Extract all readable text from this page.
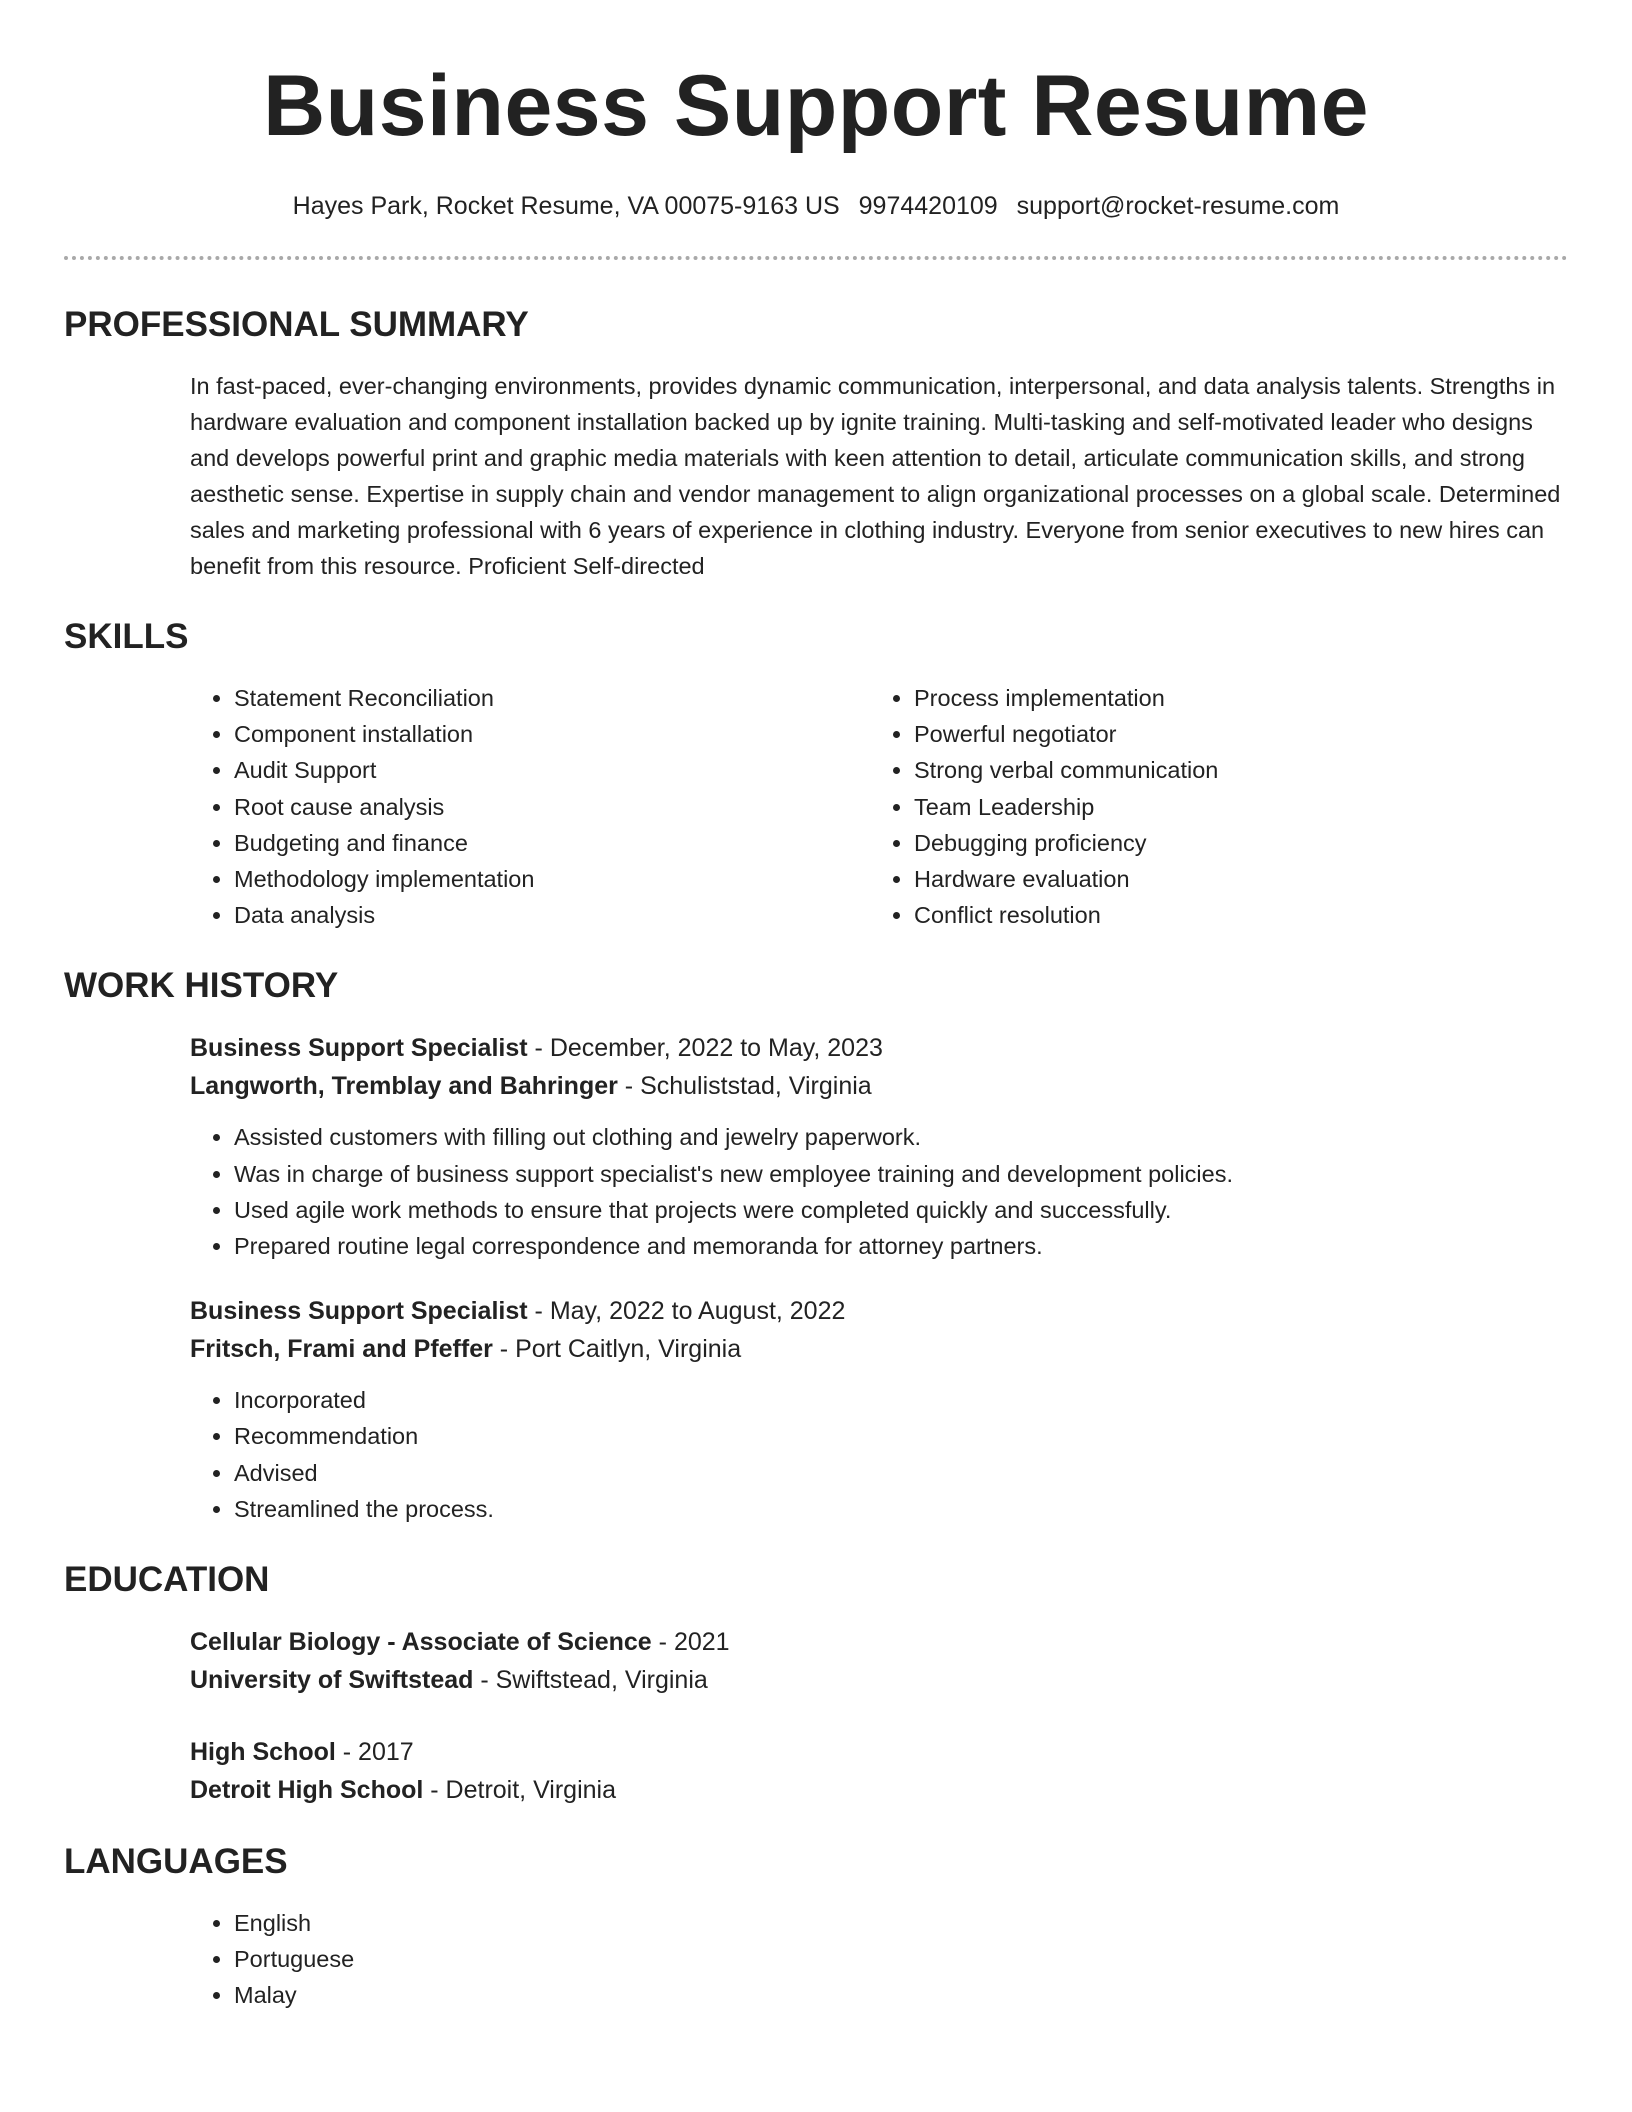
Business Support Resume
Hayes Park, Rocket Resume, VA 00075-9163 US 9974420109 support@rocket-resume.com
PROFESSIONAL SUMMARY
In fast-paced, ever-changing environments, provides dynamic communication, interpersonal, and data analysis talents. Strengths in hardware evaluation and component installation backed up by ignite training. Multi-tasking and self-motivated leader who designs and develops powerful print and graphic media materials with keen attention to detail, articulate communication skills, and strong aesthetic sense. Expertise in supply chain and vendor management to align organizational processes on a global scale. Determined sales and marketing professional with 6 years of experience in clothing industry. Everyone from senior executives to new hires can benefit from this resource. Proficient Self-directed
SKILLS
• Statement Reconciliation
• Component installation
• Audit Support
• Root cause analysis
• Budgeting and finance
• Methodology implementation
• Data analysis
• Process implementation
• Powerful negotiator
• Strong verbal communication
• Team Leadership
• Debugging proficiency
• Hardware evaluation
• Conflict resolution
WORK HISTORY
Business Support Specialist - December, 2022 to May, 2023
Langworth, Tremblay and Bahringer - Schuliststad, Virginia
• Assisted customers with filling out clothing and jewelry paperwork.
• Was in charge of business support specialist's new employee training and development policies.
• Used agile work methods to ensure that projects were completed quickly and successfully.
• Prepared routine legal correspondence and memoranda for attorney partners.
Business Support Specialist - May, 2022 to August, 2022
Fritsch, Frami and Pfeffer - Port Caitlyn, Virginia
• Incorporated
• Recommendation
• Advised
• Streamlined the process.
EDUCATION
Cellular Biology - Associate of Science - 2021
University of Swiftstead - Swiftstead, Virginia
High School - 2017
Detroit High School - Detroit, Virginia
LANGUAGES
• English
• Portuguese
• Malay
